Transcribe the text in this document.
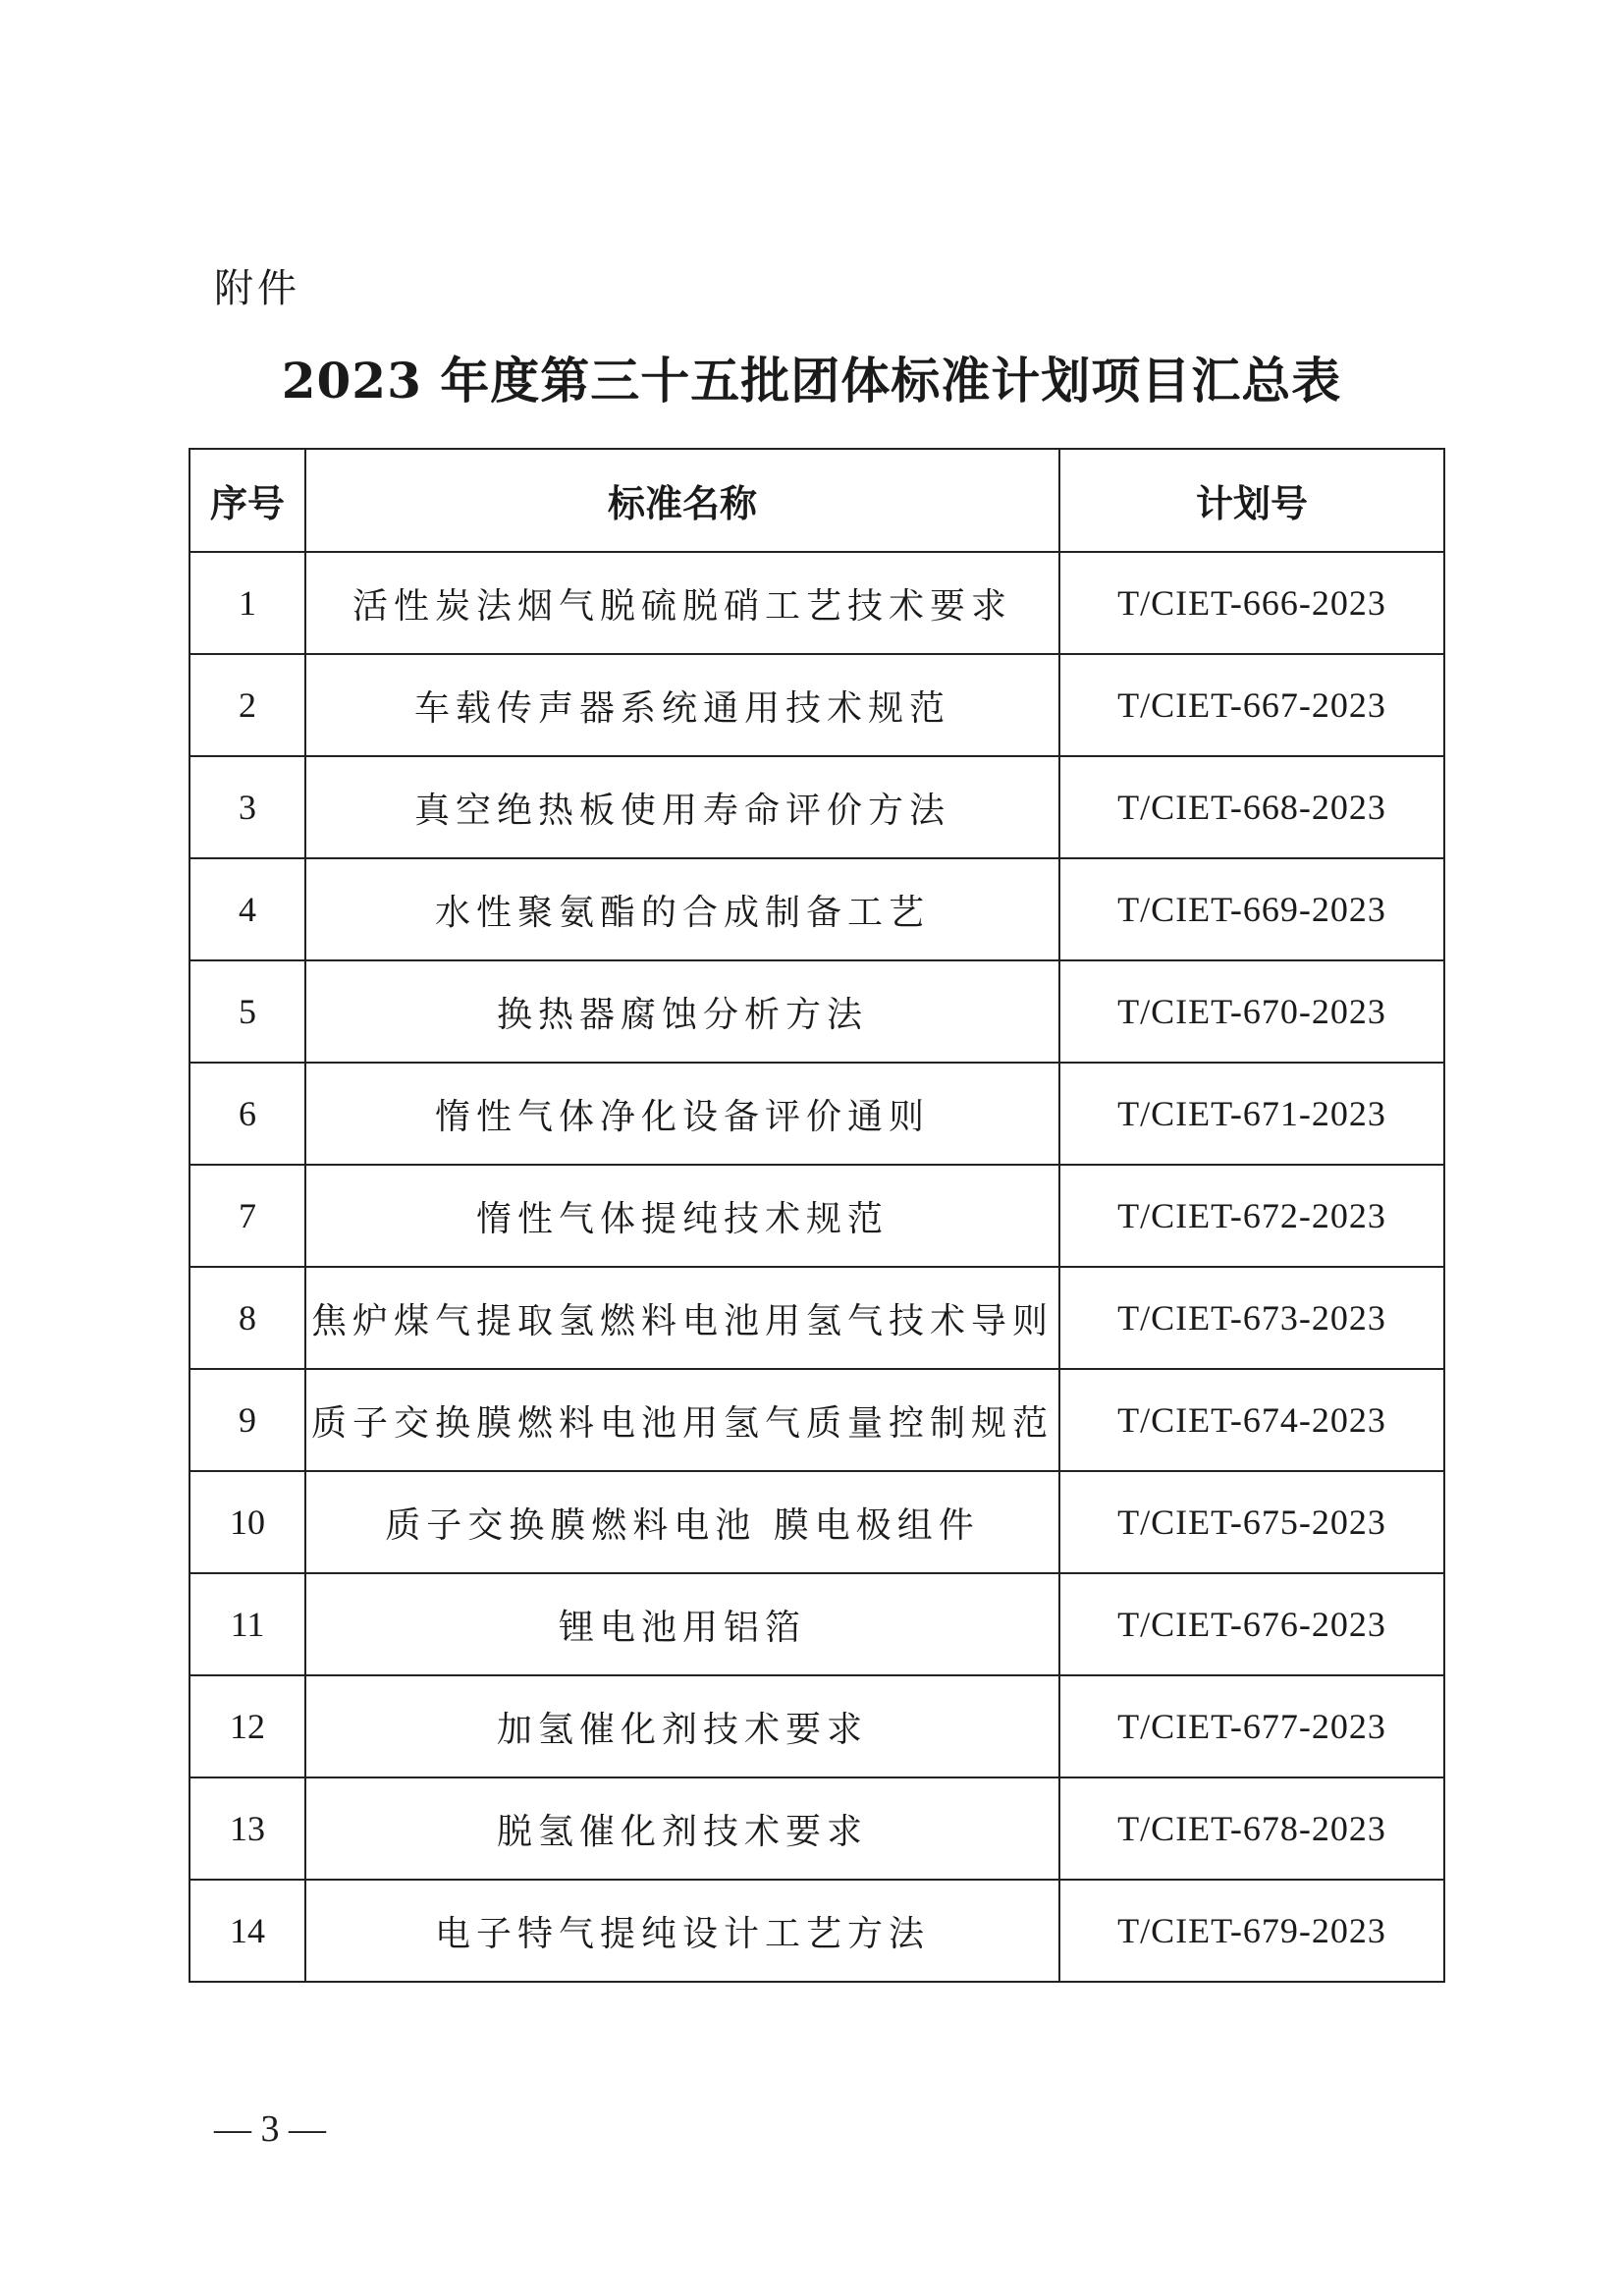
附件
2023 年度第三十五批团体标准计划项目汇总表
序号	标准名称	计划号
1	活性炭法烟气脱硫脱硝工艺技术要求	T/CIET-666-2023
2	车载传声器系统通用技术规范	T/CIET-667-2023
3	真空绝热板使用寿命评价方法	T/CIET-668-2023
4	水性聚氨酯的合成制备工艺	T/CIET-669-2023
5	换热器腐蚀分析方法	T/CIET-670-2023
6	惰性气体净化设备评价通则	T/CIET-671-2023
7	惰性气体提纯技术规范	T/CIET-672-2023
8	焦炉煤气提取氢燃料电池用氢气技术导则	T/CIET-673-2023
9	质子交换膜燃料电池用氢气质量控制规范	T/CIET-674-2023
10	质子交换膜燃料电池 膜电极组件	T/CIET-675-2023
11	锂电池用铝箔	T/CIET-676-2023
12	加氢催化剂技术要求	T/CIET-677-2023
13	脱氢催化剂技术要求	T/CIET-678-2023
14	电子特气提纯设计工艺方法	T/CIET-679-2023
— 3 —
